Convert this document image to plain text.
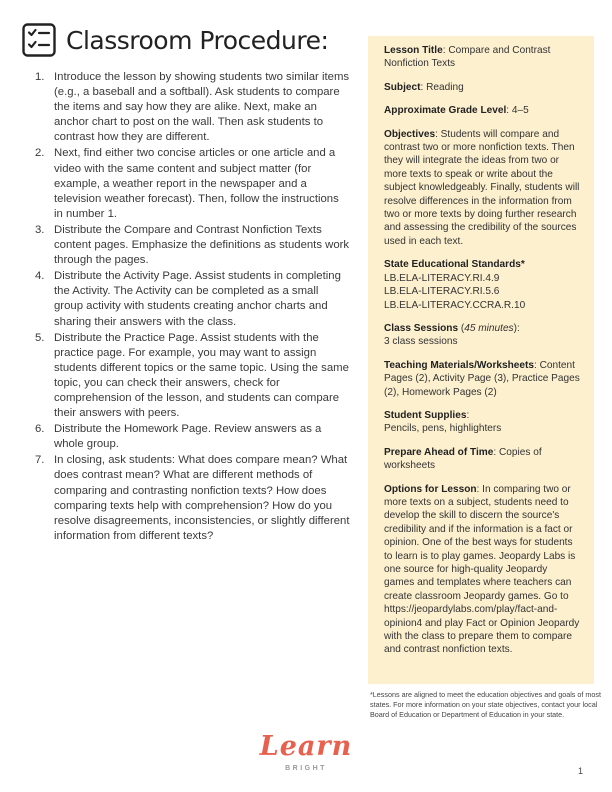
Classroom Procedure:
1. Introduce the lesson by showing students two similar items (e.g., a baseball and a softball). Ask students to compare the items and say how they are alike. Next, make an anchor chart to post on the wall. Then ask students to contrast how they are different.
2. Next, find either two concise articles or one article and a video with the same content and subject matter (for example, a weather report in the newspaper and a television weather forecast). Then, follow the instructions in number 1.
3. Distribute the Compare and Contrast Nonfiction Texts content pages. Emphasize the definitions as students work through the pages.
4. Distribute the Activity Page. Assist students in completing the Activity. The Activity can be completed as a small group activity with students creating anchor charts and sharing their answers with the class.
5. Distribute the Practice Page. Assist students with the practice page. For example, you may want to assign students different topics or the same topic. Using the same topic, you can check their answers, check for comprehension of the lesson, and students can compare their answers with peers.
6. Distribute the Homework Page. Review answers as a whole group.
7. In closing, ask students: What does compare mean? What does contrast mean? What are different methods of comparing and contrasting nonfiction texts? How does comparing texts help with comprehension? How do you resolve disagreements, inconsistencies, or slightly different information from different texts?

Lesson Title: Compare and Contrast Nonfiction Texts

Subject: Reading

Approximate Grade Level: 4–5

Objectives: Students will compare and contrast two or more nonfiction texts. Then they will integrate the ideas from two or more texts to speak or write about the subject knowledgeably. Finally, students will resolve differences in the information from two or more texts by doing further research and assessing the credibility of the sources used in each text.

State Educational Standards*
LB.ELA-LITERACY.RI.4.9
LB.ELA-LITERACY.RI.5.6
LB.ELA-LITERACY.CCRA.R.10

Class Sessions (45 minutes):
3 class sessions

Teaching Materials/Worksheets: Content Pages (2), Activity Page (3), Practice Pages (2), Homework Pages (2)

Student Supplies:
Pencils, pens, highlighters

Prepare Ahead of Time: Copies of worksheets

Options for Lesson: In comparing two or more texts on a subject, students need to develop the skill to discern the source's credibility and if the information is a fact or opinion. One of the best ways for students to learn is to play games. Jeopardy Labs is one source for high-quality Jeopardy games and templates where teachers can create classroom Jeopardy games. Go to https://jeopardylabs.com/play/fact-and-opinion4 and play Fact or Opinion Jeopardy with the class to prepare them to compare and contrast nonfiction texts.

*Lessons are aligned to meet the education objectives and goals of most states. For more information on your state objectives, contact your local Board of Education or Department of Education in your state.

Learn
BRIGHT	1
